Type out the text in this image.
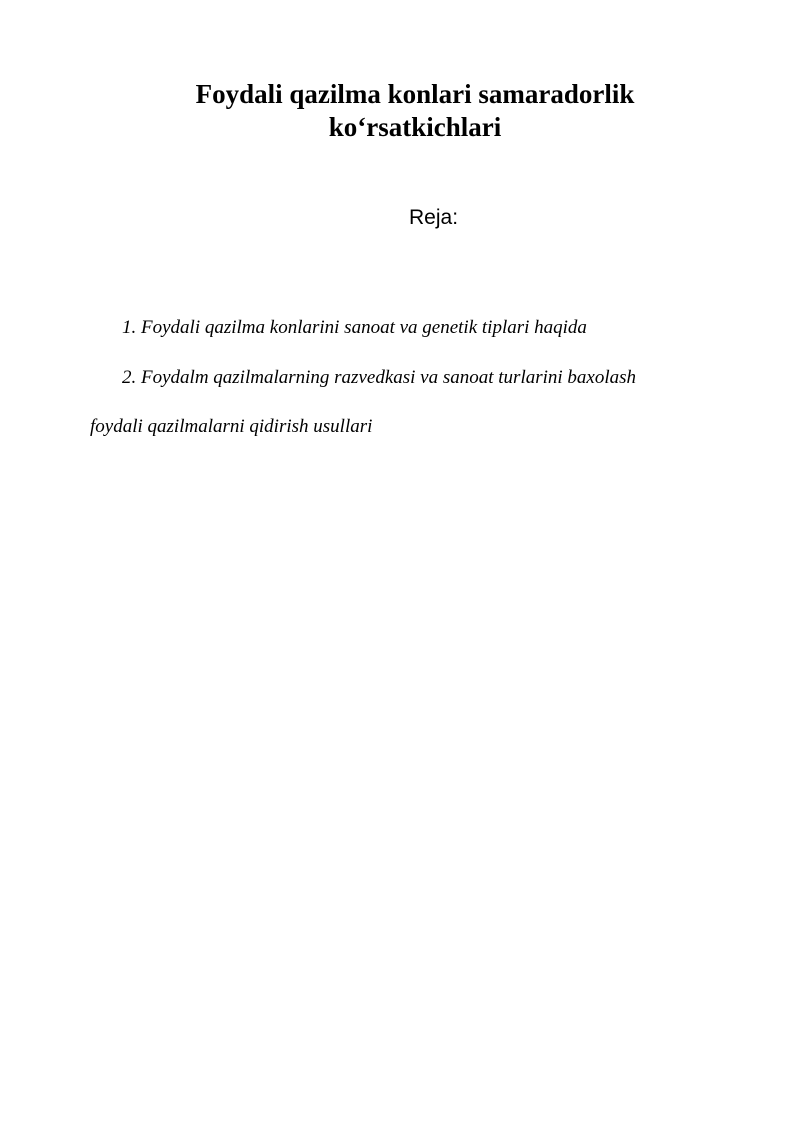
Foydali qazilma konlari samaradorlik
ko‘rsatkichlari
Reja:
1. Foydali qazilma konlarini sanoat va genetik tiplari haqida
2. Foydalm qazilmalarning razvedkasi va sanoat turlarini baxolash
foydali qazilmalarni qidirish usullari
